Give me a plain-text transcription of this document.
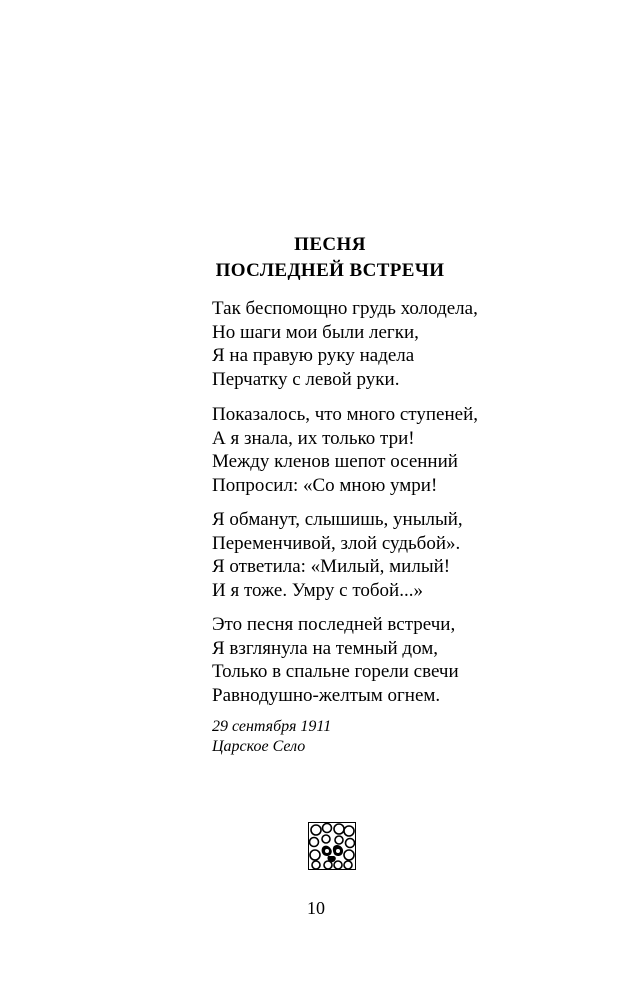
ПЕСНЯ
ПОСЛЕДНЕЙ ВСТРЕЧИ
Так беспомощно грудь холодела,
Но шаги мои были легки,
Я на правую руку надела
Перчатку с левой руки.
Показалось, что много ступеней,
А я знала, их только три!
Между кленов шепот осенний
Попросил: «Со мною умри!
Я обманут, слышишь, унылый,
Переменчивой, злой судьбой».
Я ответила: «Милый, милый!
И я тоже. Умру с тобой...»
Это песня последней встречи,
Я взглянула на темный дом,
Только в спальне горели свечи
Равнодушно-желтым огнем.
29 сентября 1911
Царское Село
10
